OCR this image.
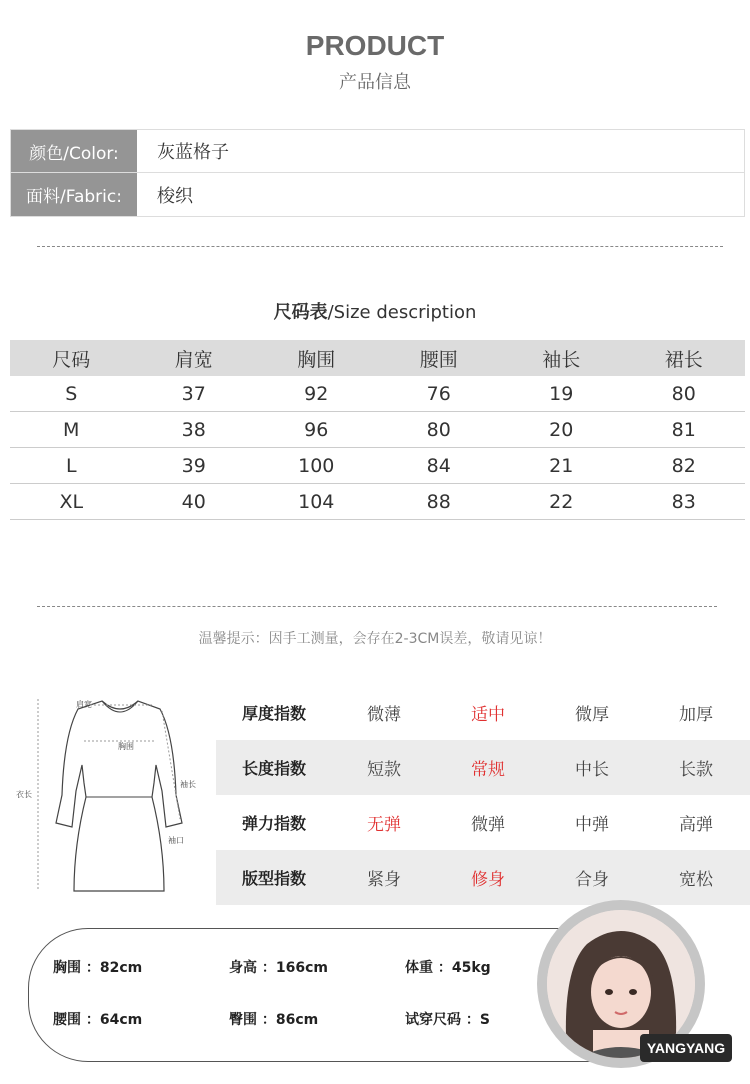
PRODUCT
产品信息
颜色/Color:	灰蓝格子
面料/Fabric:	梭织
尺码表/Size description
尺码	肩宽	胸围	腰围	袖长	裙长
S	37	92	76	19	80
M	38	96	80	20	81
L	39	100	84	21	82
XL	40	104	88	22	83
温馨提示：因手工测量，会存在2-3CM误差，敬请见谅！
肩宽
胸围
袖长
衣长
袖口
厚度指数	微薄	适中	微厚	加厚
长度指数	短款	常规	中长	长款
弹力指数	无弹	微弹	中弹	高弹
版型指数	紧身	修身	合身	宽松
胸围 ：82cm	身高 ：166cm	体重 ：45kg
腰围 ：64cm	臀围 ：86cm	试穿尺码 ：S
YANGYANG
